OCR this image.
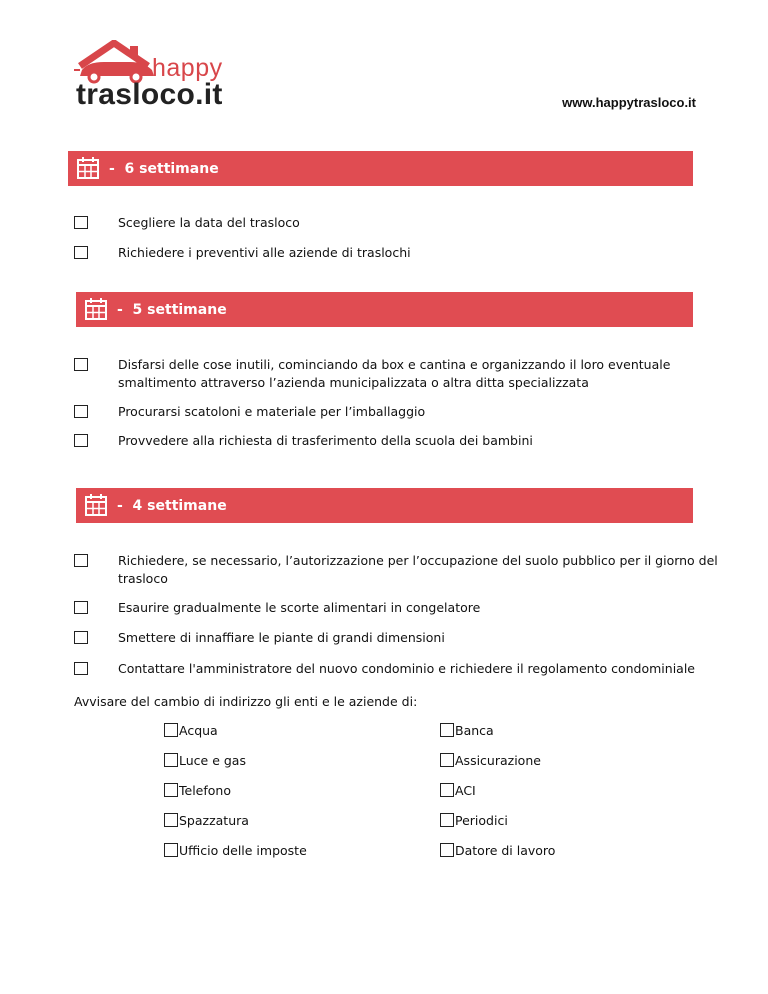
happy
trasloco.it	www.happytrasloco.it
-  6 settimane
Scegliere la data del trasloco
Richiedere i preventivi alle aziende di traslochi
-  5 settimane
Disfarsi delle cose inutili, cominciando da box e cantina e organizzando il loro eventuale
smaltimento attraverso l’azienda municipalizzata o altra ditta specializzata
Procurarsi scatoloni e materiale per l’imballaggio
Provvedere alla richiesta di trasferimento della scuola dei bambini
-  4 settimane
Richiedere, se necessario, l’autorizzazione per l’occupazione del suolo pubblico per il giorno del
trasloco
Esaurire gradualmente le scorte alimentari in congelatore
Smettere di innaffiare le piante di grandi dimensioni
Contattare l'amministratore del nuovo condominio e richiedere il regolamento condominiale
Avvisare del cambio di indirizzo gli enti e le aziende di:
Acqua
Luce e gas
Telefono
Spazzatura
Ufficio delle imposte
Banca
Assicurazione
ACI
Periodici
Datore di lavoro
